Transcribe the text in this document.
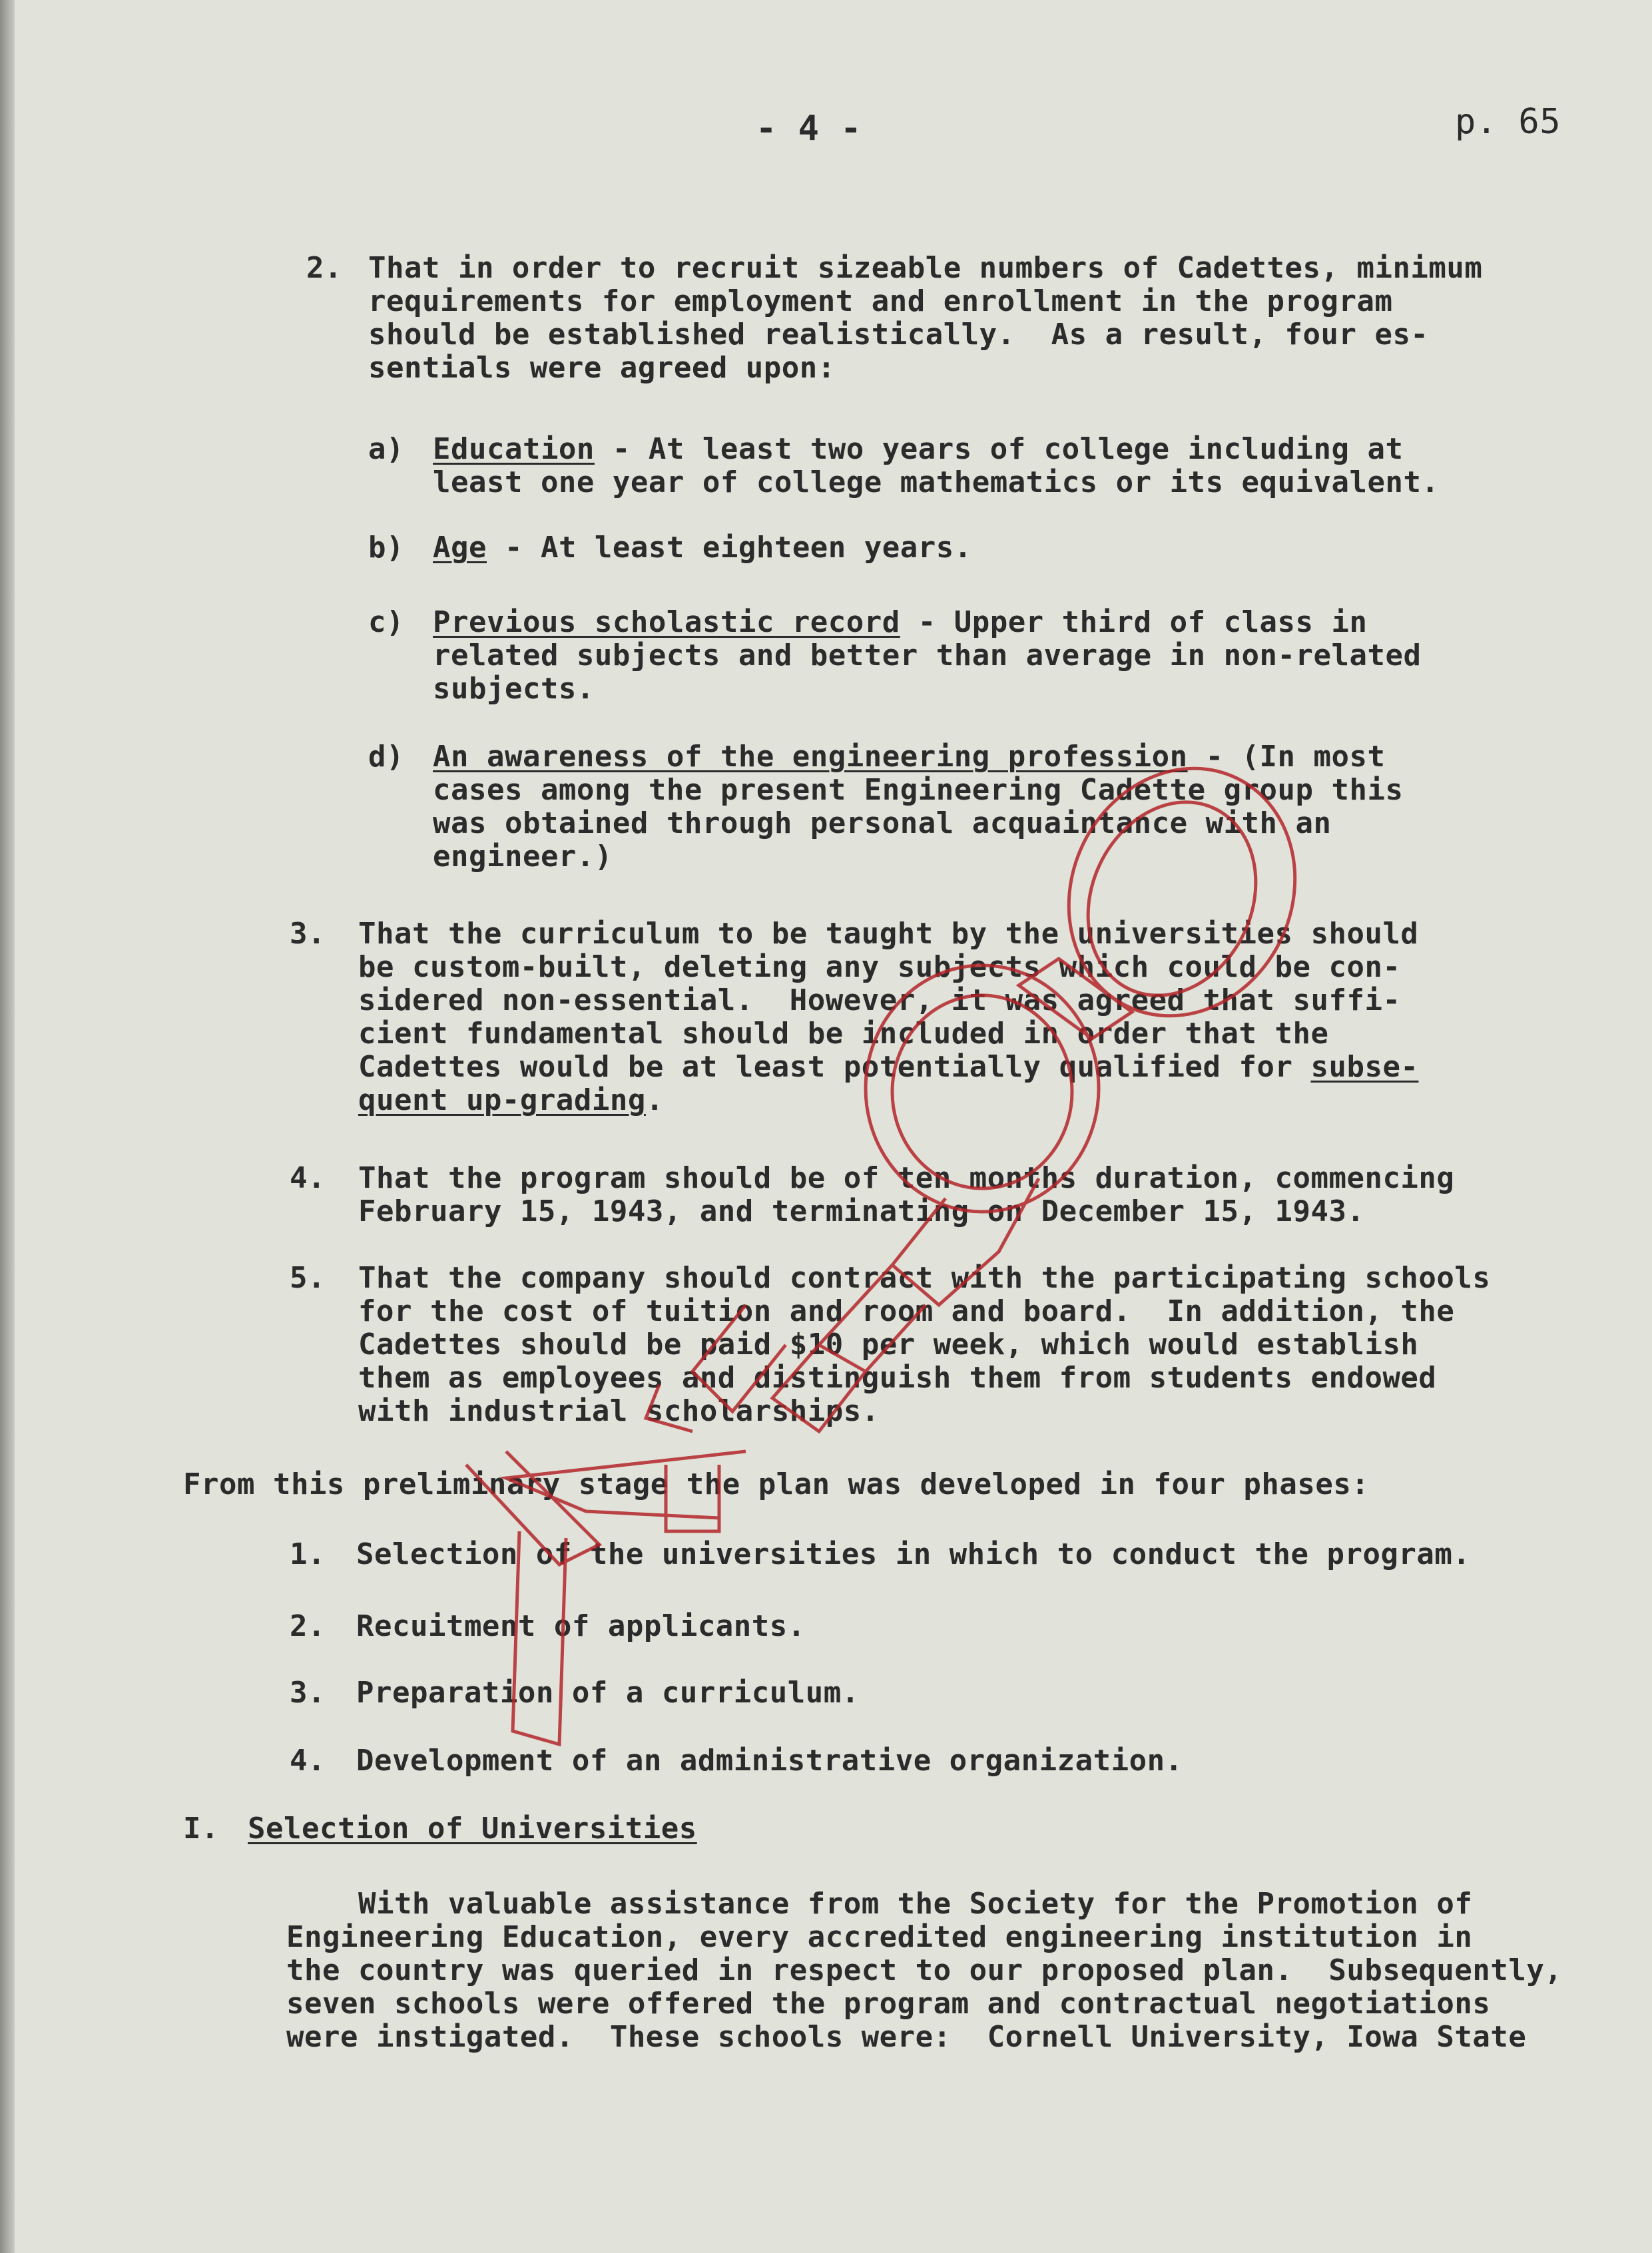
- 4 -	p. 65
2. That in order to recruit sizeable numbers of Cadettes, minimum
requirements for employment and enrollment in the program
should be established realistically.  As a result, four es-
sentials were agreed upon:
a) Education - At least two years of college including at
least one year of college mathematics or its equivalent.
b) Age - At least eighteen years.
c) Previous scholastic record - Upper third of class in
related subjects and better than average in non-related
subjects.
d) An awareness of the engineering profession - (In most
cases among the present Engineering Cadette group this
was obtained through personal acquaintance with an
engineer.)
3. That the curriculum to be taught by the universities should
be custom-built, deleting any subjects which could be con-
sidered non-essential.  However, it was agreed that suffi-
cient fundamental should be included in order that the
Cadettes would be at least potentially qualified for subse-
quent up-grading.
4. That the program should be of ten months duration, commencing
February 15, 1943, and terminating on December 15, 1943.
5. That the company should contract with the participating schools
for the cost of tuition and room and board.  In addition, the
Cadettes should be paid $10 per week, which would establish
them as employees and distinguish them from students endowed
with industrial scholarships.
From this preliminary stage the plan was developed in four phases:
1. Selection of the universities in which to conduct the program.
2. Recuitment of applicants.
3. Preparation of a curriculum.
4. Development of an administrative organization.
I. Selection of Universities
With valuable assistance from the Society for the Promotion of
Engineering Education, every accredited engineering institution in
the country was queried in respect to our proposed plan.  Subsequently,
seven schools were offered the program and contractual negotiations
were instigated.  These schools were:  Cornell University, Iowa State
